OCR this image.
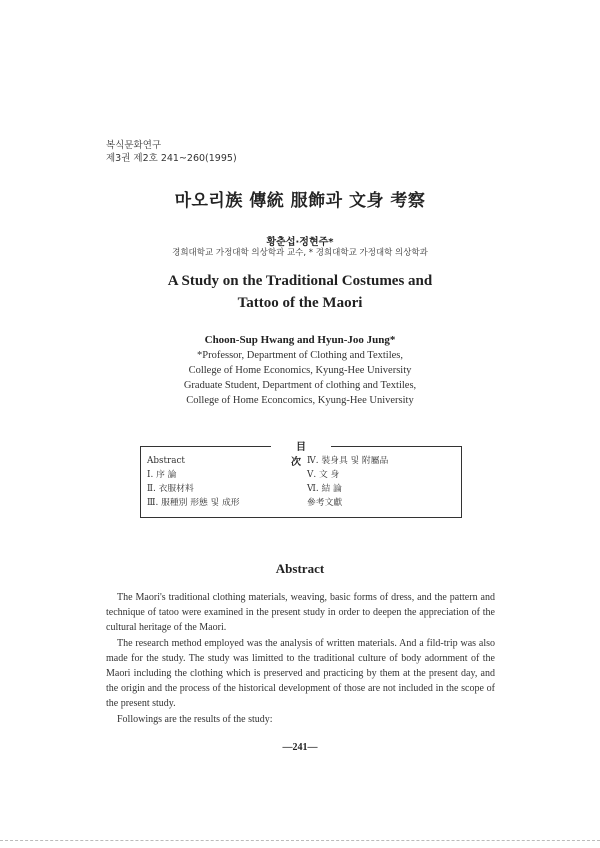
복식문화연구
제3권 제2호 241~260(1995)
마오리族 傳統 服飾과 文身 考察
황춘섭·정현주*
경희대학교 가정대학 의상학과 교수, * 경희대학교 가정대학 의상학과
A Study on the Traditional Costumes and
Tattoo of the Maori
Choon-Sup Hwang and Hyun-Joo Jung*
*Professor, Department of Clothing and Textiles,
College of Home Economics, Kyung-Hee University
Graduate Student, Department of clothing and Textiles,
College of Home Econcomics, Kyung-Hee University
目 次
Abstract
Ⅰ. 序 論
Ⅱ. 衣服材料
Ⅲ. 服種別 形態 및 成形
Ⅳ. 裝身具 및 附屬品
Ⅴ. 文 身
Ⅵ. 結 論
參考文獻
Abstract

The Maori's traditional clothing materials, weaving, basic forms of dress, and the pattern and technique of tatoo were examined in the present study in order to deepen the appreciation of the cultural heritage of the Maori.

The research method employed was the analysis of written materials. And a fild-trip was also made for the study. The study was limitted to the traditional culture of body adornment of the Maori including the clothing which is preserved and practicing by them at the present day, and the origin and the process of the historical development of those are not included in the scope of the present study.

Followings are the results of the study:

—241—
